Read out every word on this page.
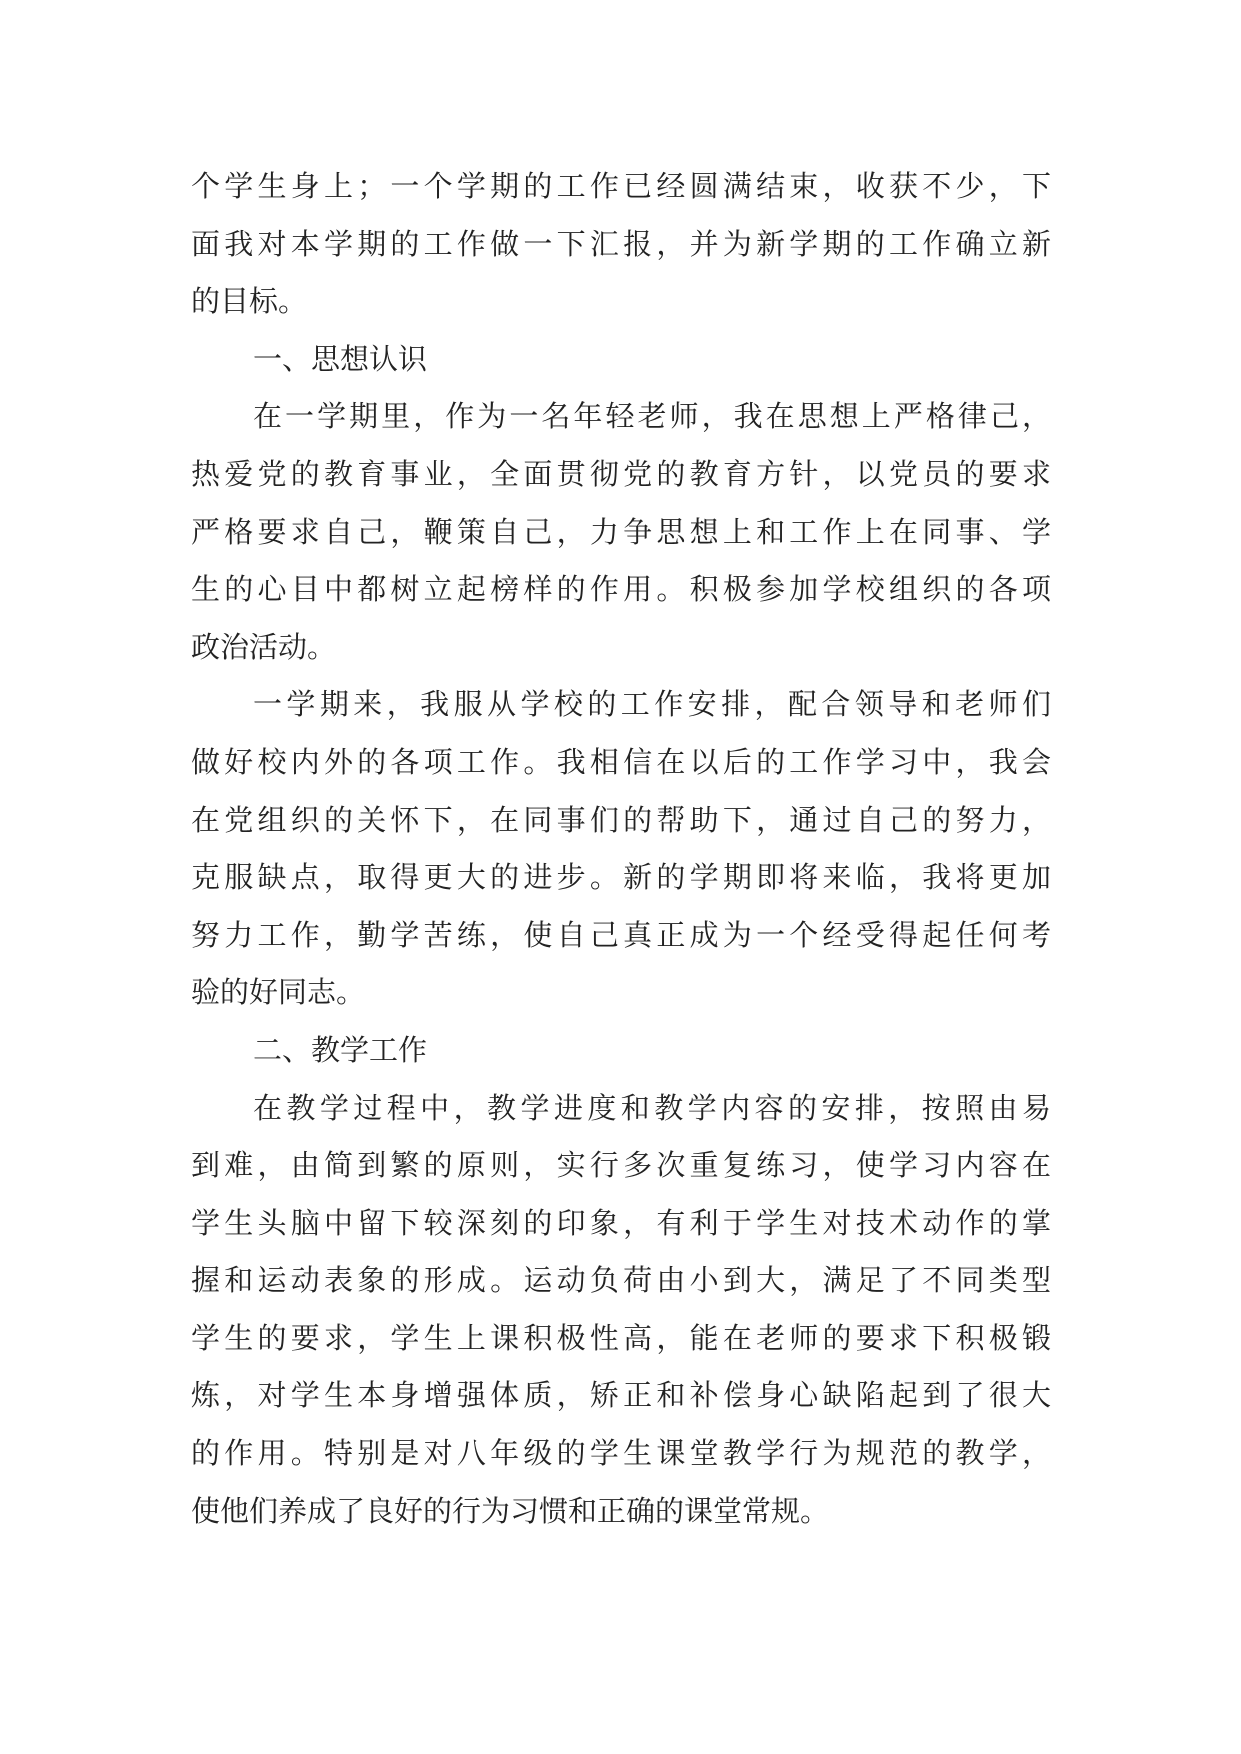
个学生身上；一个学期的工作已经圆满结束，收获不少，下
面我对本学期的工作做一下汇报，并为新学期的工作确立新
的目标。
一、思想认识
在一学期里，作为一名年轻老师，我在思想上严格律己，
热爱党的教育事业，全面贯彻党的教育方针，以党员的要求
严格要求自己，鞭策自己，力争思想上和工作上在同事、学
生的心目中都树立起榜样的作用。积极参加学校组织的各项
政治活动。
一学期来，我服从学校的工作安排，配合领导和老师们
做好校内外的各项工作。我相信在以后的工作学习中，我会
在党组织的关怀下，在同事们的帮助下，通过自己的努力，
克服缺点，取得更大的进步。新的学期即将来临，我将更加
努力工作，勤学苦练，使自己真正成为一个经受得起任何考
验的好同志。
二、教学工作
在教学过程中，教学进度和教学内容的安排，按照由易
到难，由简到繁的原则，实行多次重复练习，使学习内容在
学生头脑中留下较深刻的印象，有利于学生对技术动作的掌
握和运动表象的形成。运动负荷由小到大，满足了不同类型
学生的要求，学生上课积极性高，能在老师的要求下积极锻
炼，对学生本身增强体质，矫正和补偿身心缺陷起到了很大
的作用。特别是对八年级的学生课堂教学行为规范的教学，
使他们养成了良好的行为习惯和正确的课堂常规。
